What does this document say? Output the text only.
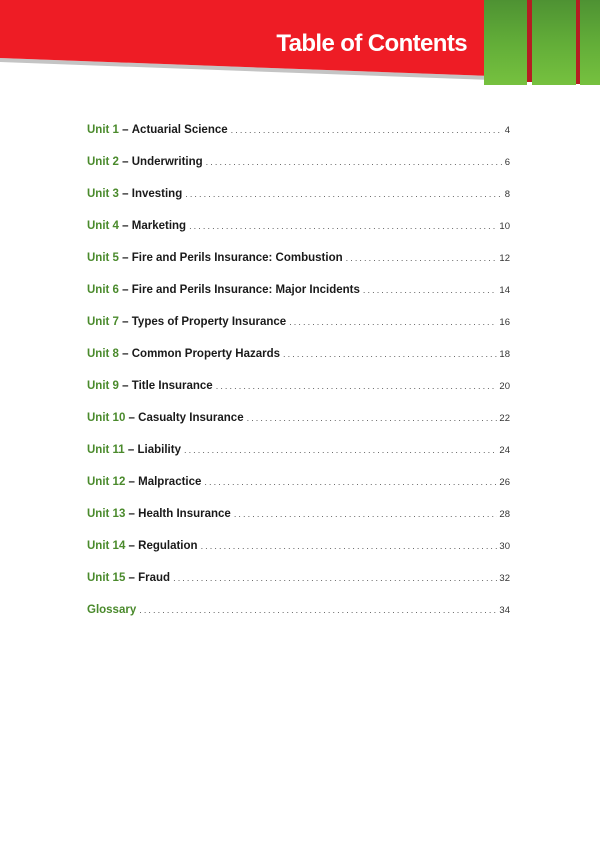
Table of Contents
Unit 1 – Actuarial Science . . .	4
Unit 2 – Underwriting . . .	6
Unit 3 – Investing . . .	8
Unit 4 – Marketing . . .	10
Unit 5 – Fire and Perils Insurance: Combustion . . .	12
Unit 6 – Fire and Perils Insurance: Major Incidents . . .	14
Unit 7 – Types of Property Insurance . . .	16
Unit 8 – Common Property Hazards . . .	18
Unit 9 – Title Insurance . . .	20
Unit 10 – Casualty Insurance . . .	22
Unit 11 – Liability . . .	24
Unit 12 – Malpractice . . .	26
Unit 13 – Health Insurance . . .	28
Unit 14 – Regulation . . .	30
Unit 15 – Fraud . . .	32
Glossary . . .	34
